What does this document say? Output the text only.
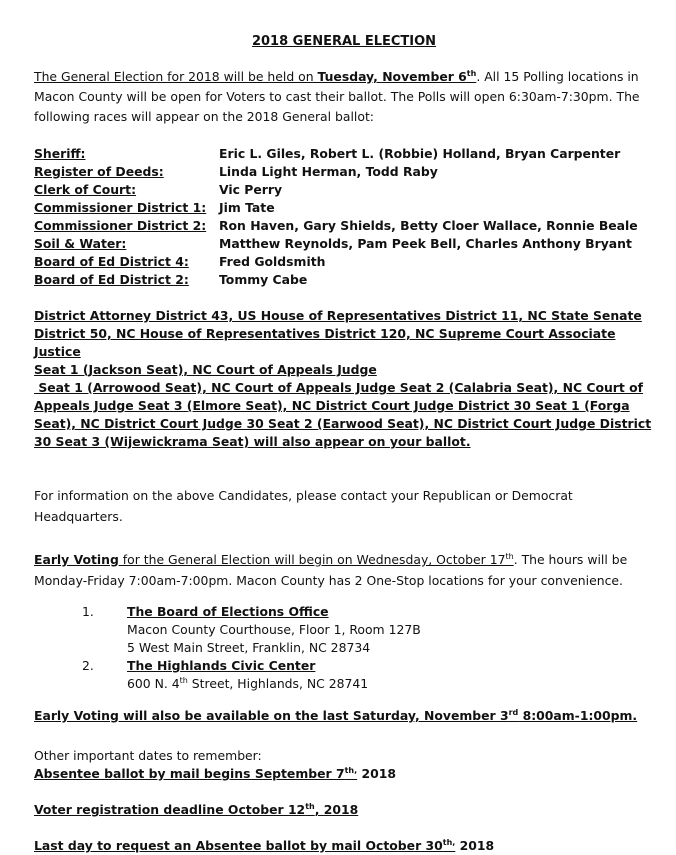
2018 GENERAL ELECTION

The General Election for 2018 will be held on Tuesday, November 6th. All 15 Polling locations in Macon County will be open for Voters to cast their ballot. The Polls will open 6:30am-7:30pm. The following races will appear on the 2018 General ballot:

Sheriff:	Eric L. Giles, Robert L. (Robbie) Holland, Bryan Carpenter
Register of Deeds:	Linda Light Herman, Todd Raby
Clerk of Court:	Vic Perry
Commissioner District 1:	Jim Tate
Commissioner District 2:	Ron Haven, Gary Shields, Betty Cloer Wallace, Ronnie Beale
Soil & Water:	Matthew Reynolds, Pam Peek Bell, Charles Anthony Bryant
Board of Ed District 4:	Fred Goldsmith
Board of Ed District 2:	Tommy Cabe
District Attorney District 43, US House of Representatives District 11, NC State Senate
District 50, NC House of Representatives District 120, NC Supreme Court Associate Justice
Seat 1 (Jackson Seat), NC Court of Appeals Judge
Seat 1 (Arrowood Seat), NC Court of Appeals Judge Seat 2 (Calabria Seat), NC Court of
Appeals Judge Seat 3 (Elmore Seat), NC District Court Judge District 30 Seat 1 (Forga
Seat), NC District Court Judge 30 Seat 2 (Earwood Seat), NC District Court Judge District
30 Seat 3 (Wijewickrama Seat) will also appear on your ballot.
For information on the above Candidates, please contact your Republican or Democrat Headquarters.
Early Voting for the General Election will begin on Wednesday, October 17th. The hours will be Monday-Friday 7:00am-7:00pm. Macon County has 2 One-Stop locations for your convenience.
1.	The Board of Elections Office
Macon County Courthouse, Floor 1, Room 127B
5 West Main Street, Franklin, NC 28734
2.	The Highlands Civic Center
600 N. 4th Street, Highlands, NC 28741
Early Voting will also be available on the last Saturday, November 3rd 8:00am-1:00pm.
Other important dates to remember:
Absentee ballot by mail begins September $7^{th,}$ 2018
Voter registration deadline October 12th, 2018
Last day to request an Absentee ballot by mail October $30^{th,}$ 2018
